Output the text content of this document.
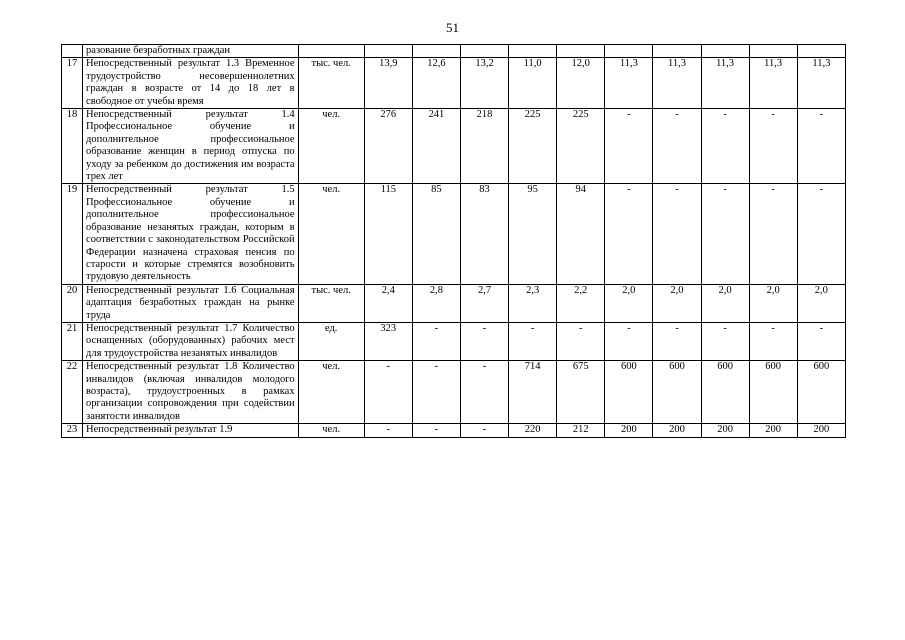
51
	разование безработных граждан											
17	Непосредственный результат 1.3 Временное трудоустройство несовершеннолетних граждан в возрасте от 14 до 18 лет в свободное от учебы время	тыс. чел.	13,9	12,6	13,2	11,0	12,0	11,3	11,3	11,3	11,3	11,3
18	Непосредственный результат 1.4 Профессиональное обучение и дополнительное профессиональное образование женщин в период отпуска по уходу за ребенком до достижения им возраста трех лет	чел.	276	241	218	225	225	-	-	-	-	-
19	Непосредственный результат 1.5 Профессиональное обучение и дополнительное профессиональное образование незанятых граждан, которым в соответствии с законодательством Российской Федерации назначена страховая пенсия по старости и которые стремятся возобновить трудовую деятельность	чел.	115	85	83	95	94	-	-	-	-	-
20	Непосредственный результат 1.6 Социальная адаптация безработных граждан на рынке труда	тыс. чел.	2,4	2,8	2,7	2,3	2,2	2,0	2,0	2,0	2,0	2,0
21	Непосредственный результат 1.7 Количество оснащенных (оборудованных) рабочих мест для трудоустройства незанятых инвалидов	ед.	323	-	-	-	-	-	-	-	-	-
22	Непосредственный результат 1.8 Количество инвалидов (включая инвалидов молодого возраста), трудоустроенных в рамках организации сопровождения при содействии занятости инвалидов	чел.	-	-	-	714	675	600	600	600	600	600
23	Непосредственный результат 1.9	чел.	-	-	-	220	212	200	200	200	200	200
